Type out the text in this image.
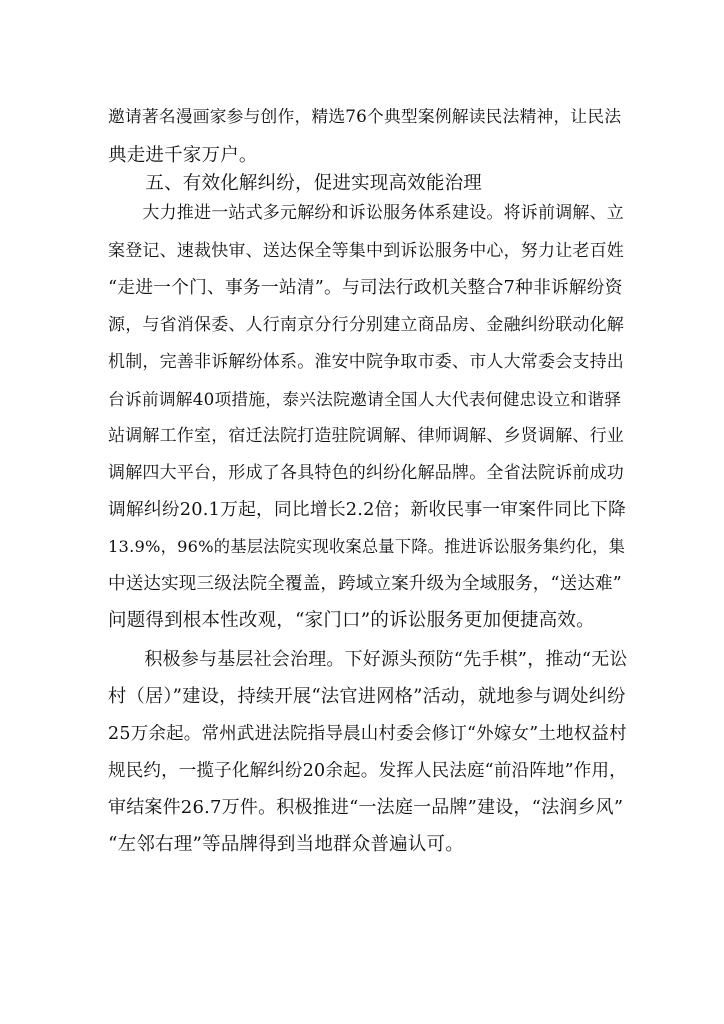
邀请著名漫画家参与创作，精选76个典型案例解读民法精神，让民法
典走进千家万户。
　　五、有效化解纠纷，促进实现高效能治理
　　大力推进一站式多元解纷和诉讼服务体系建设。将诉前调解、立
案登记、速裁快审、送达保全等集中到诉讼服务中心，努力让老百姓
“走进一个门、事务一站清”。与司法行政机关整合7种非诉解纷资
源，与省消保委、人行南京分行分别建立商品房、金融纠纷联动化解
机制，完善非诉解纷体系。淮安中院争取市委、市人大常委会支持出
台诉前调解40项措施，泰兴法院邀请全国人大代表何健忠设立和谐驿
站调解工作室，宿迁法院打造驻院调解、律师调解、乡贤调解、行业
调解四大平台，形成了各具特色的纠纷化解品牌。全省法院诉前成功
调解纠纷20.1万起，同比增长2.2倍；新收民事一审案件同比下降
13.9%，96%的基层法院实现收案总量下降。推进诉讼服务集约化，集
中送达实现三级法院全覆盖，跨域立案升级为全域服务，“送达难”
问题得到根本性改观，“家门口”的诉讼服务更加便捷高效。
　　积极参与基层社会治理。下好源头预防“先手棋”，推动“无讼
村（居）”建设，持续开展“法官进网格”活动，就地参与调处纠纷
25万余起。常州武进法院指导晨山村委会修订“外嫁女”土地权益村
规民约，一揽子化解纠纷20余起。发挥人民法庭“前沿阵地”作用，
审结案件26.7万件。积极推进“一法庭一品牌”建设，“法润乡风”
“左邻右理”等品牌得到当地群众普遍认可。
